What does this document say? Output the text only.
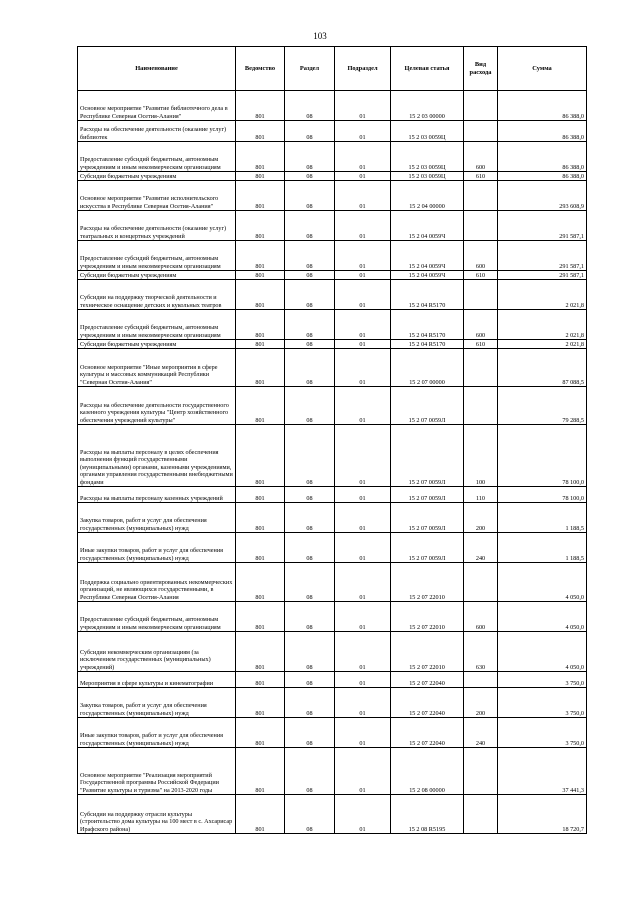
103
Наименование	Ведомство	Раздел	Подраздел	Целевая статья	Вид расхода	Сумма
Основное мероприятие "Развитие библиотечного дела в Республике Северная Осетия-Алания"	801	08	01	15 2 03 00000		86 388,0
Расходы на обеспечение деятельности (оказание услуг) библиотек	801	08	01	15 2 03 0059Ц		86 388,0
Предоставление субсидий бюджетным, автономным учреждениям и иным некоммерческим организациям	801	08	01	15 2 03 0059Ц	600	86 388,0
Субсидии бюджетным учреждениям	801	08	01	15 2 03 0059Ц	610	86 388,0
Основное мероприятие "Развитие исполнительского искусства в Республике Северная Осетия-Алания"	801	08	01	15 2 04 00000		293 608,9
Расходы на обеспечение деятельности (оказание услуг) театральных и концертных учреждений	801	08	01	15 2 04 0059Ч		291 587,1
Предоставление субсидий бюджетным, автономным учреждениям и иным некоммерческим организациям	801	08	01	15 2 04 0059Ч	600	291 587,1
Субсидии бюджетным учреждениям	801	08	01	15 2 04 0059Ч	610	291 587,1
Субсидии на поддержку творческой деятельности и техническое оснащение детских и кукольных театров	801	08	01	15 2 04 R5170		2 021,8
Предоставление субсидий бюджетным, автономным учреждениям и иным некоммерческим организациям	801	08	01	15 2 04 R5170	600	2 021,8
Субсидии бюджетным учреждениям	801	08	01	15 2 04 R5170	610	2 021,8
Основное мероприятие "Иные мероприятия в сфере культуры и массовых коммуникаций Республики "Северная Осетия-Алания"	801	08	01	15 2 07 00000		87 088,5
Расходы на обеспечение деятельности государственного казенного учреждения культуры "Центр хозяйственного обеспечения учреждений культуры"	801	08	01	15 2 07 0059Л		79 288,5
Расходы на выплаты персоналу в целях обеспечения выполнения функций государственными (муниципальными) органами, казенными учреждениями, органами управления государственными внебюджетными фондами	801	08	01	15 2 07 0059Л	100	78 100,0
Расходы на выплаты персоналу казенных учреждений	801	08	01	15 2 07 0059Л	110	78 100,0
Закупка товаров, работ и услуг для обеспечения государственных (муниципальных) нужд	801	08	01	15 2 07 0059Л	200	1 188,5
Иные закупки товаров, работ и услуг для обеспечения государственных (муниципальных) нужд	801	08	01	15 2 07 0059Л	240	1 188,5
Поддержка социально ориентированных некоммерческих организаций, не являющихся государственными, в Республике Северная Осетия-Алания	801	08	01	15 2 07 22010		4 050,0
Предоставление субсидий бюджетным, автономным учреждениям и иным некоммерческим организациям	801	08	01	15 2 07 22010	600	4 050,0
Субсидии некоммерческим организациям (за исключением государственных (муниципальных) учреждений)	801	08	01	15 2 07 22010	630	4 050,0
Мероприятия в сфере культуры и кинематографии	801	08	01	15 2 07 22040		3 750,0
Закупка товаров, работ и услуг для обеспечения государственных (муниципальных) нужд	801	08	01	15 2 07 22040	200	3 750,0
Иные закупки товаров, работ и услуг для обеспечения государственных (муниципальных) нужд	801	08	01	15 2 07 22040	240	3 750,0
Основное мероприятие "Реализация мероприятий Государственной программы Российской Федерации "Развитие культуры и туризма" на 2013-2020 годы	801	08	01	15 2 08 00000		37 441,3
Субсидии на поддержку отрасли культуры (строительство дома культуры на 100 мест в с. Ахсарисар Ирафского района)	801	08	01	15 2 08 R5195		18 720,7
